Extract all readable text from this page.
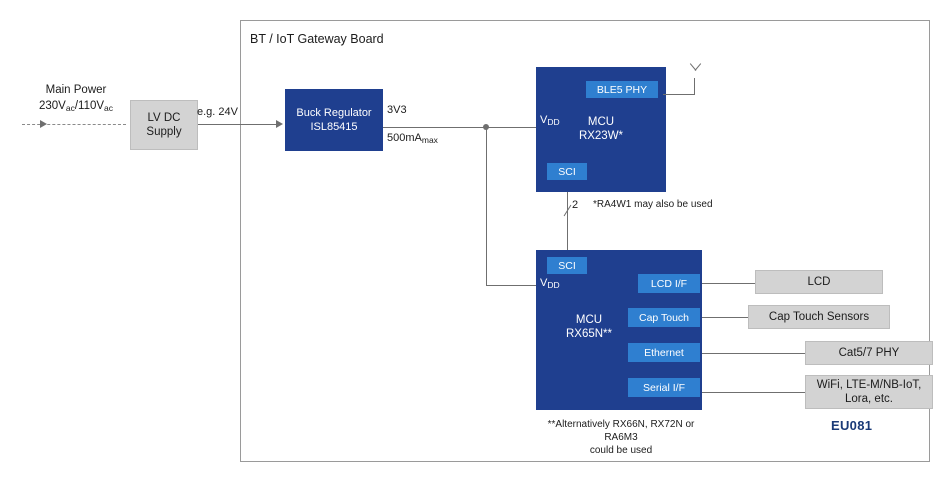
BT / IoT Gateway Board
EU081
Main Power
$230V_{ac}/110V_{ac}$
LV DC
Supply
e.g. 24V	Buck Regulator
ISL85415
3V3
$500mA_{max}$
BLE5 PHY
SCI
MCU
RX23W*
$V_{DD}$
2 *RA4W1 may also be used
SCI
LCD I/F
Cap Touch
Ethernet
Serial I/F
MCU
RX65N**
$V_{DD}$
**Alternatively RX66N, RX72N or RA6M3
could be used
LCD
Cap Touch Sensors
Cat5/7 PHY
WiFi, LTE-M/NB-IoT,
Lora, etc.
